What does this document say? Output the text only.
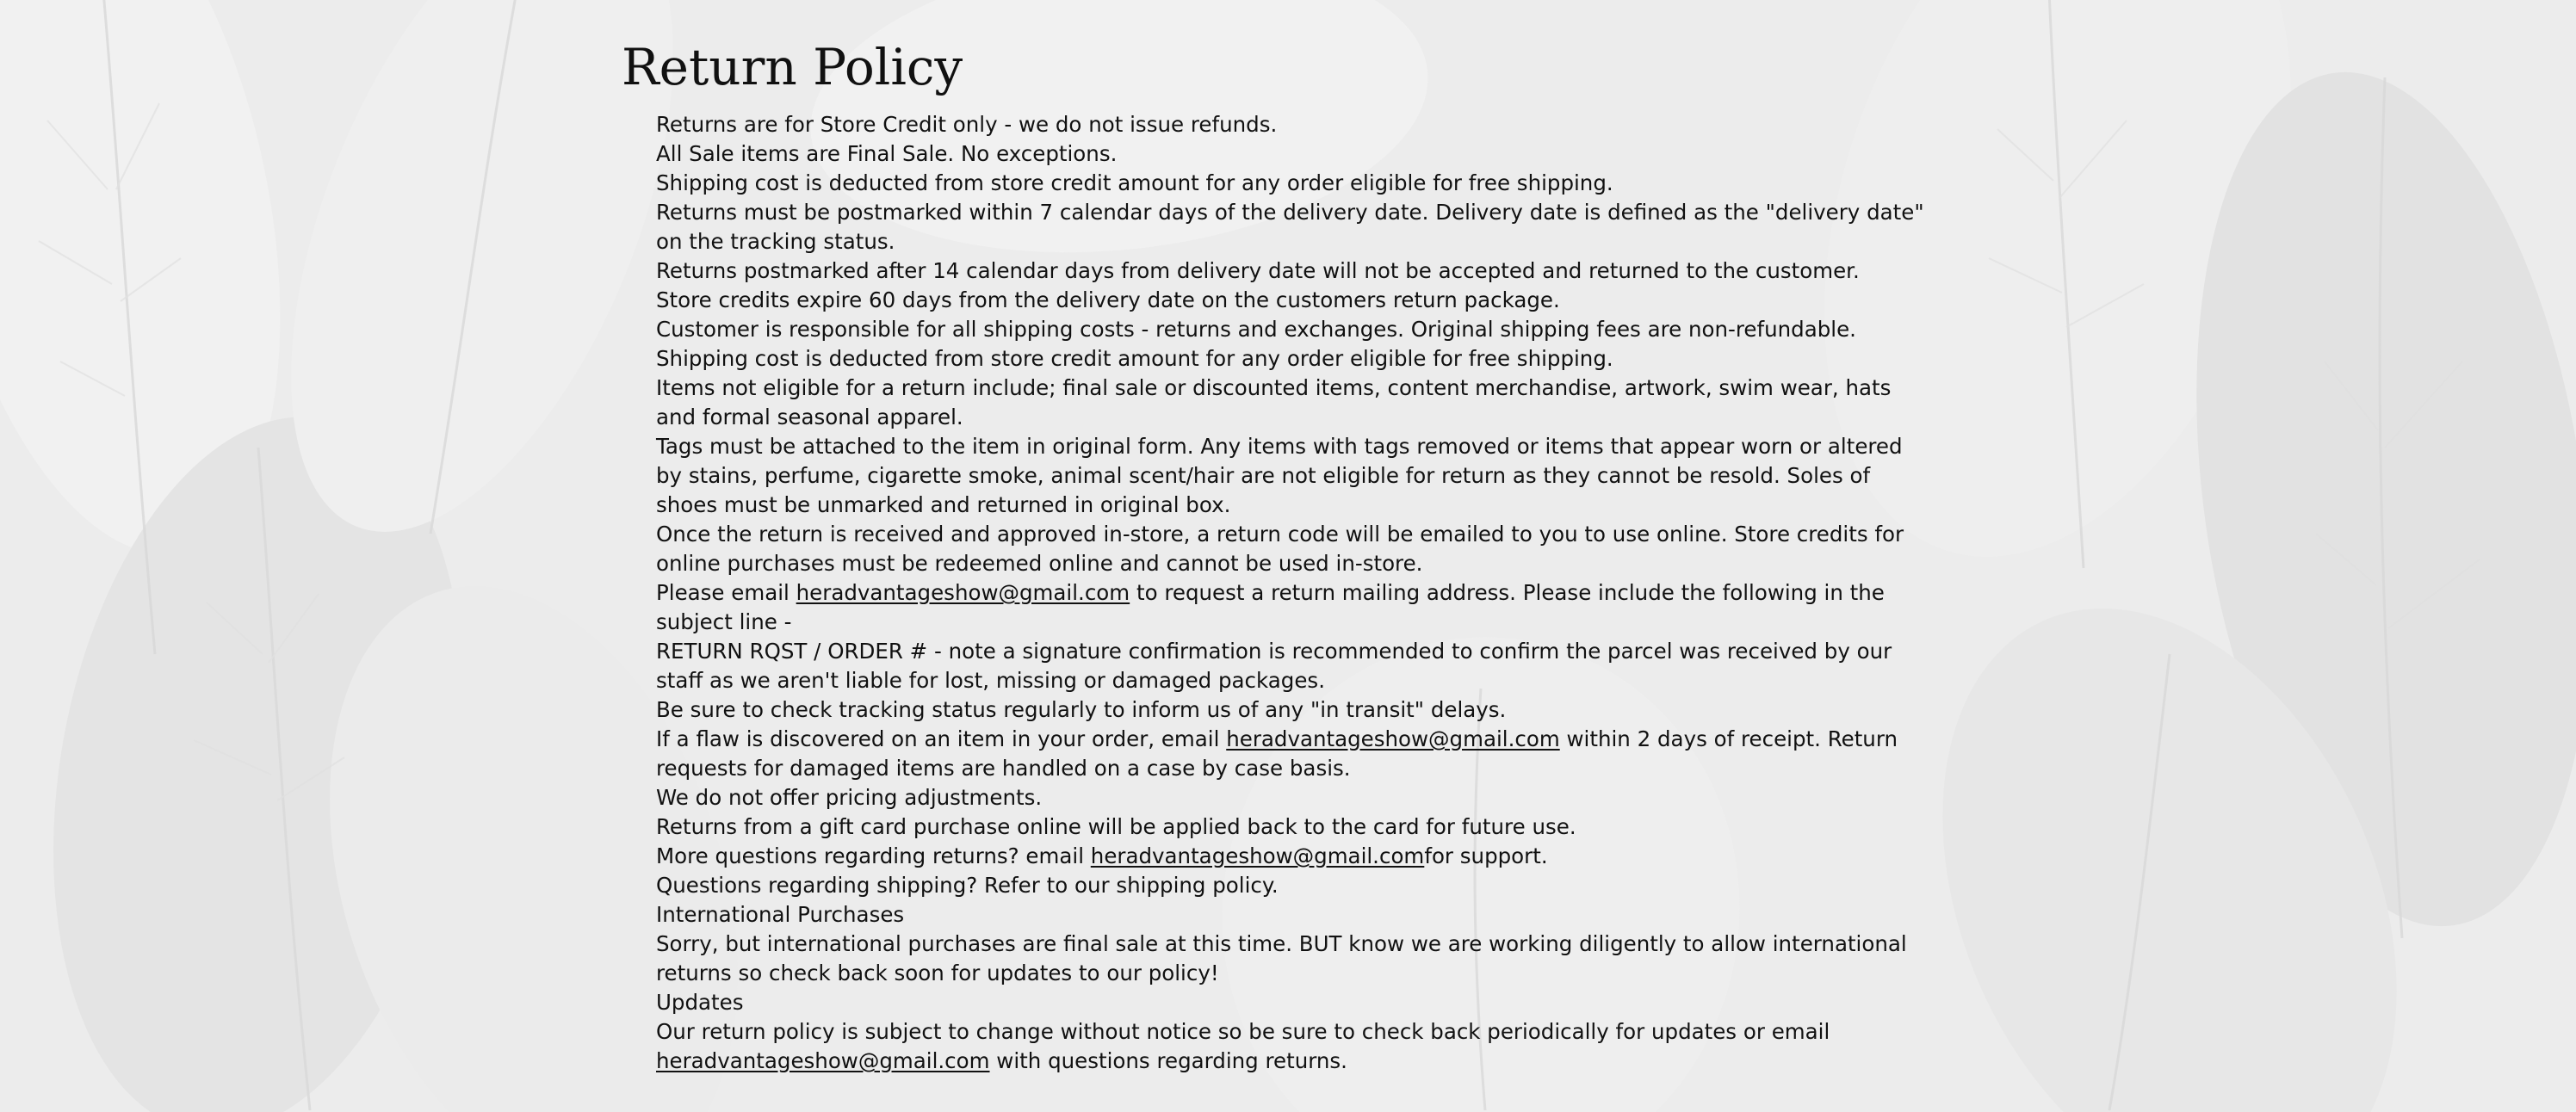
Return Policy
Returns are for Store Credit only - we do not issue refunds.
All Sale items are Final Sale. No exceptions.
Shipping cost is deducted from store credit amount for any order eligible for free shipping.
Returns must be postmarked within 7 calendar days of the delivery date. Delivery date is defined as the "delivery date" on the tracking status.
Returns postmarked after 14 calendar days from delivery date will not be accepted and returned to the customer.
Store credits expire 60 days from the delivery date on the customers return package.
Customer is responsible for all shipping costs - returns and exchanges. Original shipping fees are non-refundable.
Shipping cost is deducted from store credit amount for any order eligible for free shipping.
Items not eligible for a return include; final sale or discounted items, content merchandise, artwork, swim wear, hats and formal seasonal apparel.
Tags must be attached to the item in original form. Any items with tags removed or items that appear worn or altered by stains, perfume, cigarette smoke, animal scent/hair are not eligible for return as they cannot be resold. Soles of shoes must be unmarked and returned in original box.
Once the return is received and approved in-store, a return code will be emailed to you to use online. Store credits for online purchases must be redeemed online and cannot be used in-store.
Please email heradvantageshow@gmail.com to request a return mailing address. Please include the following in the subject line -
RETURN RQST / ORDER # - note a signature confirmation is recommended to confirm the parcel was received by our staff as we aren't liable for lost, missing or damaged packages.
Be sure to check tracking status regularly to inform us of any "in transit" delays.
If a flaw is discovered on an item in your order, email heradvantageshow@gmail.com within 2 days of receipt. Return requests for damaged items are handled on a case by case basis.
We do not offer pricing adjustments.
Returns from a gift card purchase online will be applied back to the card for future use.
More questions regarding returns? email heradvantageshow@gmail.comfor support.
Questions regarding shipping? Refer to our shipping policy.
International Purchases
Sorry, but international purchases are final sale at this time. BUT know we are working diligently to allow international returns so check back soon for updates to our policy!
Updates
Our return policy is subject to change without notice so be sure to check back periodically for updates or email heradvantageshow@gmail.com with questions regarding returns.
